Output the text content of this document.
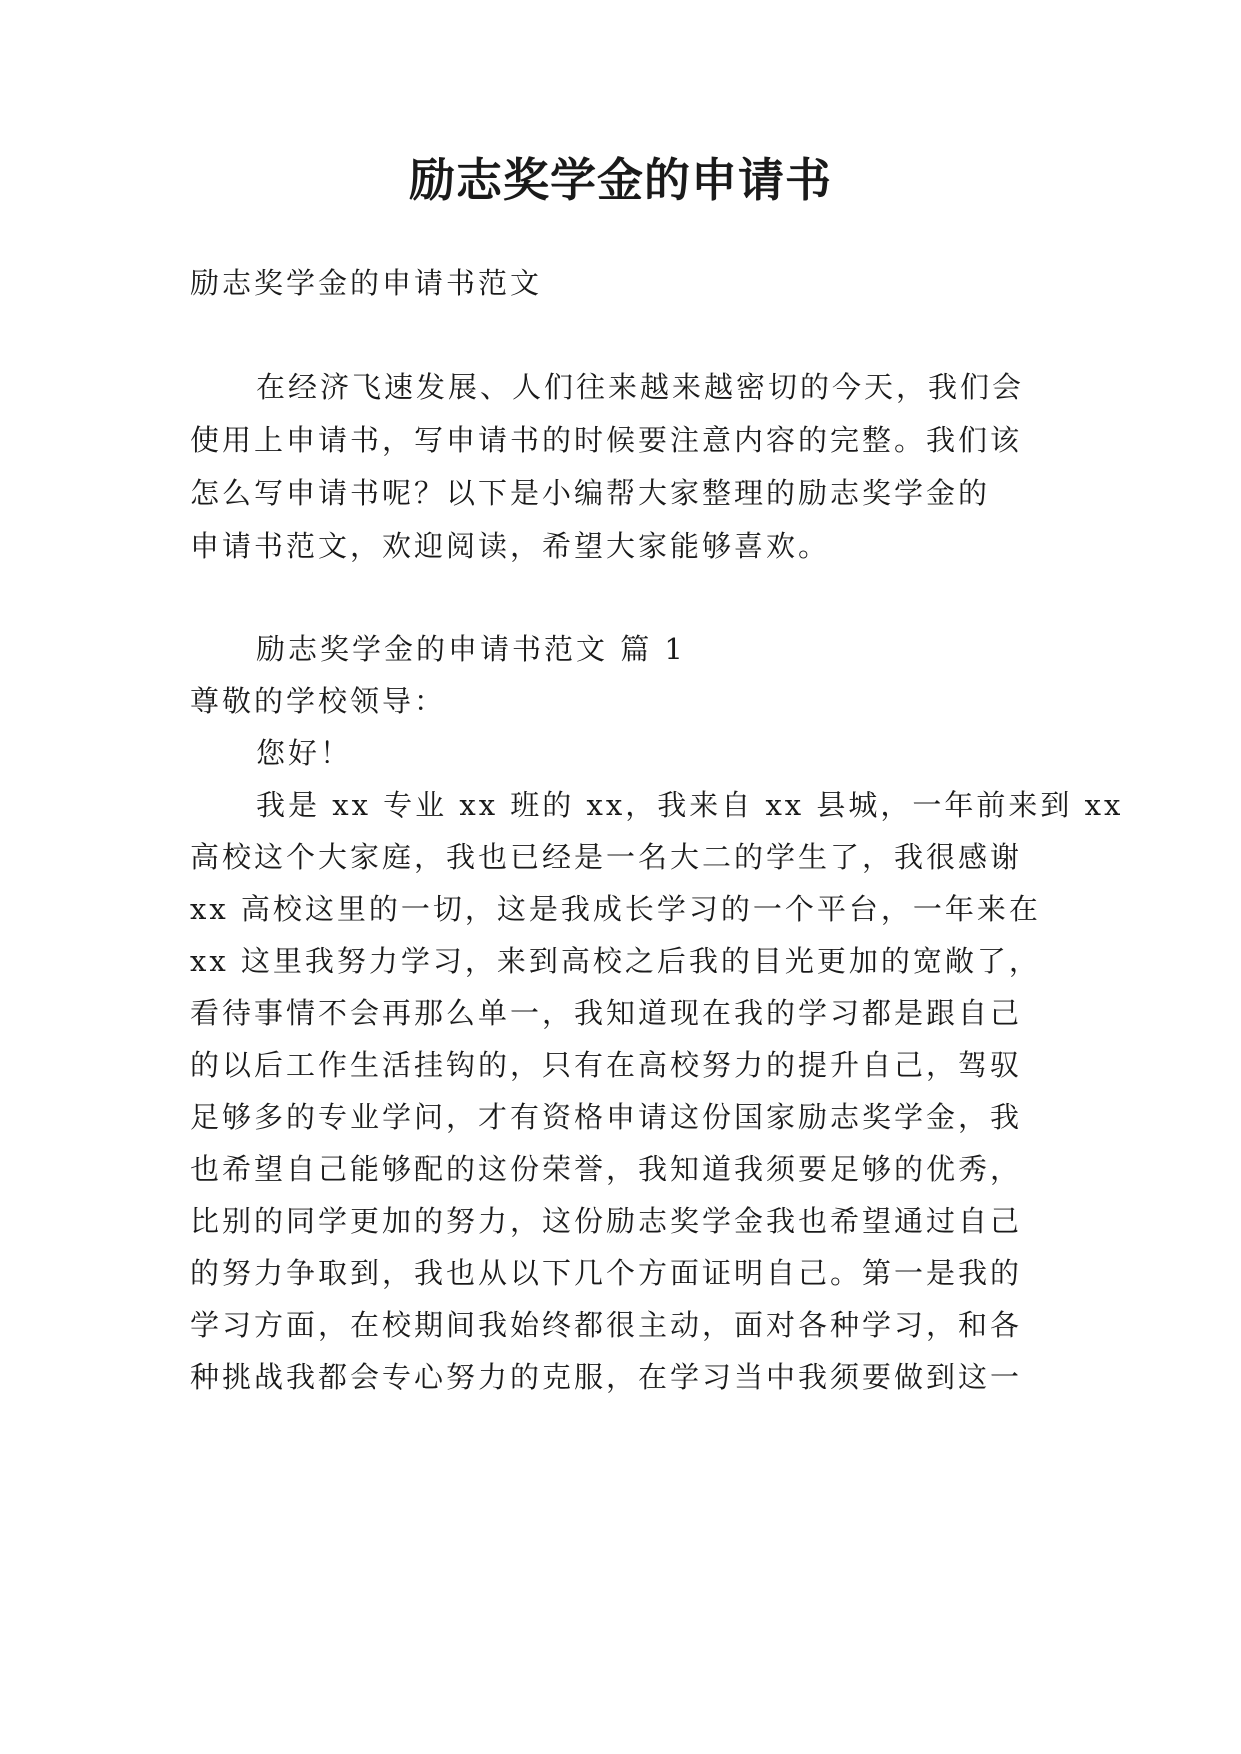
励志奖学金的申请书

励志奖学金的申请书范文

在经济飞速发展、人们往来越来越密切的今天，我们会

使用上申请书，写申请书的时候要注意内容的完整。我们该

怎么写申请书呢？以下是小编帮大家整理的励志奖学金的

申请书范文，欢迎阅读，希望大家能够喜欢。

励志奖学金的申请书范文 篇 1

尊敬的学校领导：

您好！

我是 xx 专业 xx 班的 xx，我来自 xx 县城，一年前来到 xx

高校这个大家庭，我也已经是一名大二的学生了，我很感谢

xx 高校这里的一切，这是我成长学习的一个平台，一年来在

xx 这里我努力学习，来到高校之后我的目光更加的宽敞了，

看待事情不会再那么单一，我知道现在我的学习都是跟自己

的以后工作生活挂钩的，只有在高校努力的提升自己，驾驭

足够多的专业学问，才有资格申请这份国家励志奖学金，我

也希望自己能够配的这份荣誉，我知道我须要足够的优秀，

比别的同学更加的努力，这份励志奖学金我也希望通过自己

的努力争取到，我也从以下几个方面证明自己。第一是我的

学习方面，在校期间我始终都很主动，面对各种学习，和各

种挑战我都会专心努力的克服，在学习当中我须要做到这一
